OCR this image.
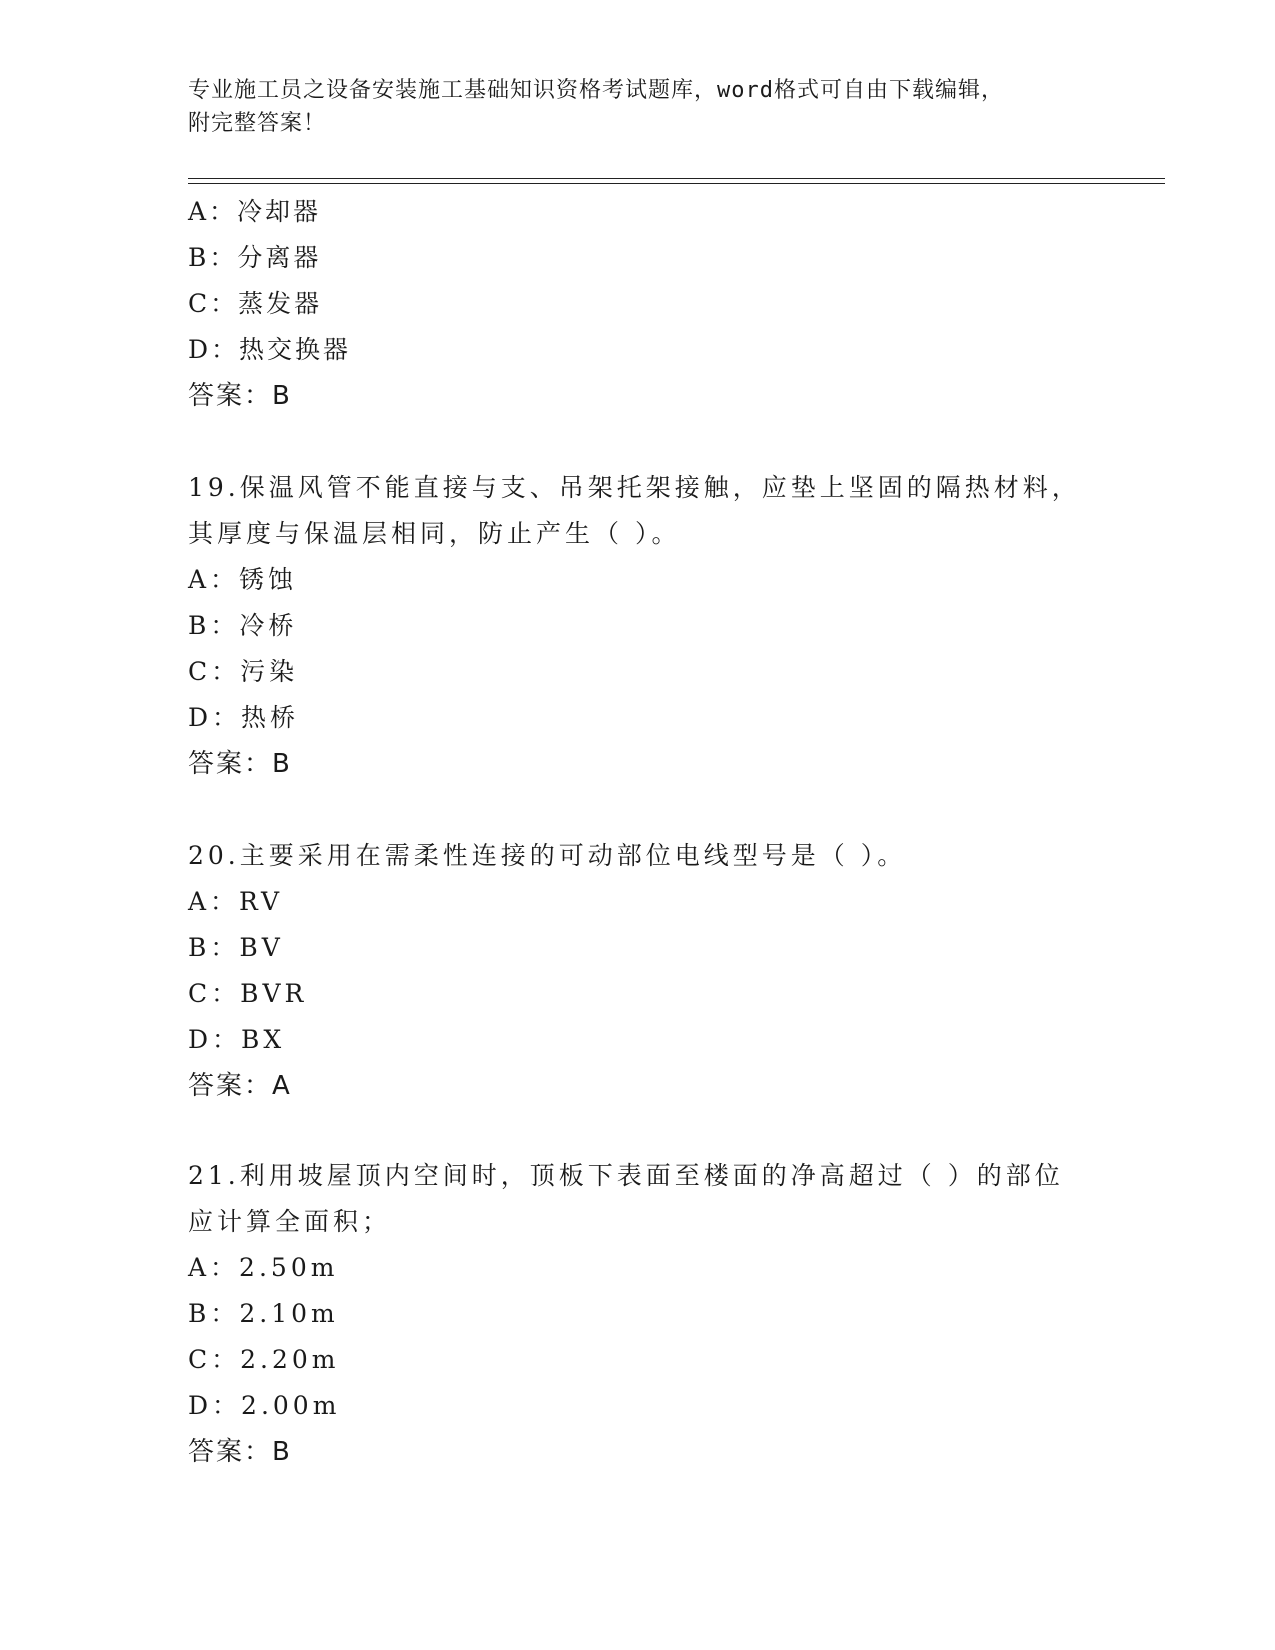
专业施工员之设备安装施工基础知识资格考试题库，word格式可自由下载编辑，
附完整答案！
A：冷却器
B：分离器
C：蒸发器
D：热交换器
答案：B
19.保温风管不能直接与支、吊架托架接触，应垫上坚固的隔热材料，
其厚度与保温层相同，防止产生（ ）。
A：锈蚀
B：冷桥
C：污染
D：热桥
答案：B
20.主要采用在需柔性连接的可动部位电线型号是（ ）。
A：RV
B：BV
C：BVR
D：BX
答案：A
21.利用坡屋顶内空间时，顶板下表面至楼面的净高超过（ ）的部位
应计算全面积；
A：2.50m
B：2.10m
C：2.20m
D：2.00m
答案：B
